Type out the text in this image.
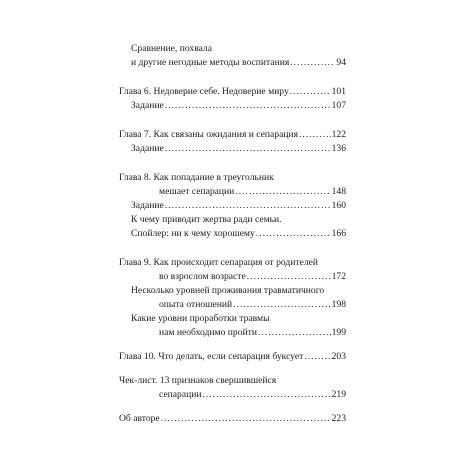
Сравнение, похвала
и другие негодные методы воспитания .....	94
Глава 6. Недоверие себе. Недоверие миру .....	101
Задание .....	107
Глава 7. Как связаны ожидания и сепарация .....	122
Задание .....	136
Глава 8. Как попадание в треугольник
мешает сепарации .....	148
Задание .....	160
К чему приводит жертва ради семьи.
Спойлер: ни к чему хорошему .....	166
Глава 9. Как происходит сепарация от родителей
во взрослом возрасте .....	172
Несколько уровней проживания травматичного
опыта отношений .....	198
Какие уровни проработки травмы
нам необходимо пройти .....	199
Глава 10. Что делать, если сепарация буксует .....	203
Чек-лист. 13 признаков свершившейся
сепарации .....	219
Об авторе .....	223
